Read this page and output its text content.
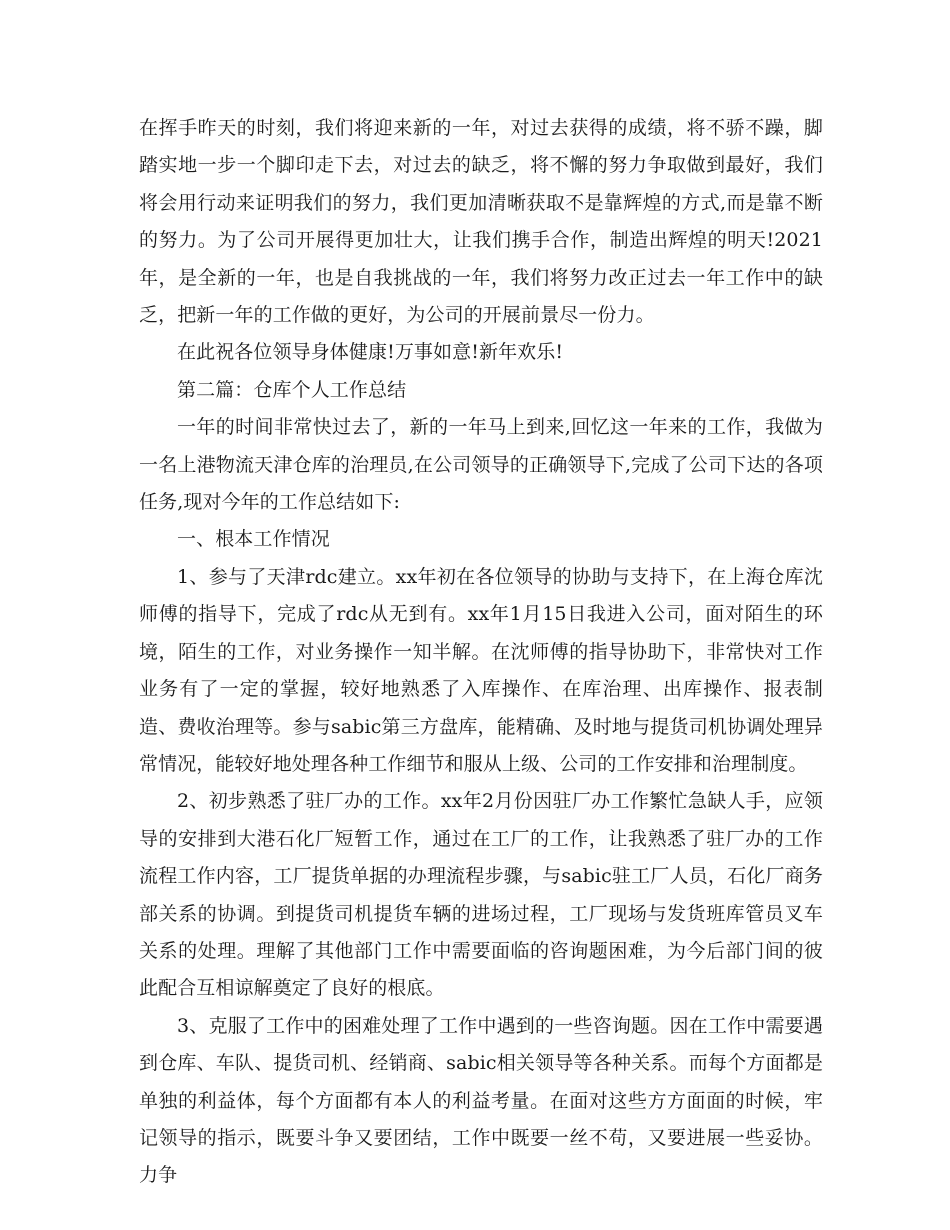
在挥手昨天的时刻，我们将迎来新的一年，对过去获得的成绩，将不骄不躁，脚踏实地一步一个脚印走下去，对过去的缺乏，将不懈的努力争取做到最好，我们将会用行动来证明我们的努力，我们更加清晰获取不是靠辉煌的方式,而是靠不断的努力。为了公司开展得更加壮大，让我们携手合作，制造出辉煌的明天!2021年，是全新的一年，也是自我挑战的一年，我们将努力改正过去一年工作中的缺乏，把新一年的工作做的更好，为公司的开展前景尽一份力。

在此祝各位领导身体健康!万事如意!新年欢乐!

第二篇：仓库个人工作总结

一年的时间非常快过去了，新的一年马上到来,回忆这一年来的工作，我做为一名上港物流天津仓库的治理员,在公司领导的正确领导下,完成了公司下达的各项任务,现对今年的工作总结如下:

一、根本工作情况

1、参与了天津rdc建立。xx年初在各位领导的协助与支持下，在上海仓库沈师傅的指导下，完成了rdc从无到有。xx年1月15日我进入公司，面对陌生的环境，陌生的工作，对业务操作一知半解。在沈师傅的指导协助下，非常快对工作业务有了一定的掌握，较好地熟悉了入库操作、在库治理、出库操作、报表制造、费收治理等。参与sabic第三方盘库，能精确、及时地与提货司机协调处理异常情况，能较好地处理各种工作细节和服从上级、公司的工作安排和治理制度。

2、初步熟悉了驻厂办的工作。xx年2月份因驻厂办工作繁忙急缺人手，应领导的安排到大港石化厂短暂工作，通过在工厂的工作，让我熟悉了驻厂办的工作流程工作内容，工厂提货单据的办理流程步骤，与sabic驻工厂人员，石化厂商务部关系的协调。到提货司机提货车辆的进场过程，工厂现场与发货班库管员叉车关系的处理。理解了其他部门工作中需要面临的咨询题困难，为今后部门间的彼此配合互相谅解奠定了良好的根底。

3、克服了工作中的困难处理了工作中遇到的一些咨询题。因在工作中需要遇到仓库、车队、提货司机、经销商、sabic相关领导等各种关系。而每个方面都是单独的利益体，每个方面都有本人的利益考量。在面对这些方方面面的时候，牢记领导的指示，既要斗争又要团结，工作中既要一丝不苟，又要进展一些妥协。力争
